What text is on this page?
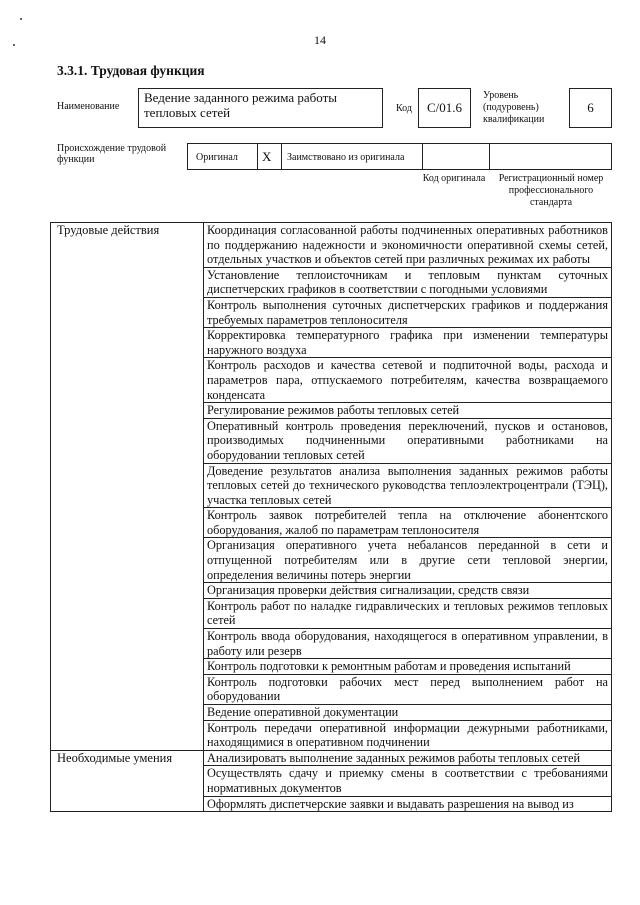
14
3.3.1. Трудовая функция
Наименование
Ведение заданного режима работы тепловых сетей	Код	C/01.6
Уровень (подуровень) квалификации
6
Происхождение трудовой функции	Оригинал X Заимствовано из оригинала
Код оригинала	Регистрационный номер профессионального стандарта
Трудовые действия	Координация согласованной работы подчиненных оперативных работников по поддержанию надежности и экономичности оперативной схемы сетей, отдельных участков и объектов сетей при различных режимах их работы
	Установление теплоисточникам и тепловым пунктам суточных диспетчерских графиков в соответствии с погодными условиями
	Контроль выполнения суточных диспетчерских графиков и поддержания требуемых параметров теплоносителя
	Корректировка температурного графика при изменении температуры наружного воздуха
	Контроль расходов и качества сетевой и подпиточной воды, расхода и параметров пара, отпускаемого потребителям, качества возвращаемого конденсата
	Регулирование режимов работы тепловых сетей
	Оперативный контроль проведения переключений, пусков и остановов, производимых подчиненными оперативными работниками на оборудовании тепловых сетей
	Доведение результатов анализа выполнения заданных режимов работы тепловых сетей до технического руководства теплоэлектроцентрали (ТЭЦ), участка тепловых сетей
	Контроль заявок потребителей тепла на отключение абонентского оборудования, жалоб по параметрам теплоносителя
	Организация оперативного учета небалансов переданной в сети и отпущенной потребителям или в другие сети тепловой энергии, определения величины потерь энергии
	Организация проверки действия сигнализации, средств связи
	Контроль работ по наладке гидравлических и тепловых режимов тепловых сетей
	Контроль ввода оборудования, находящегося в оперативном управлении, в работу или резерв
	Контроль подготовки к ремонтным работам и проведения испытаний
	Контроль подготовки рабочих мест перед выполнением работ на оборудовании
	Ведение оперативной документации
	Контроль передачи оперативной информации дежурными работниками, находящимися в оперативном подчинении
Необходимые умения	Анализировать выполнение заданных режимов работы тепловых сетей
	Осуществлять сдачу и приемку смены в соответствии с требованиями нормативных документов
	Оформлять диспетчерские заявки и выдавать разрешения на вывод из
